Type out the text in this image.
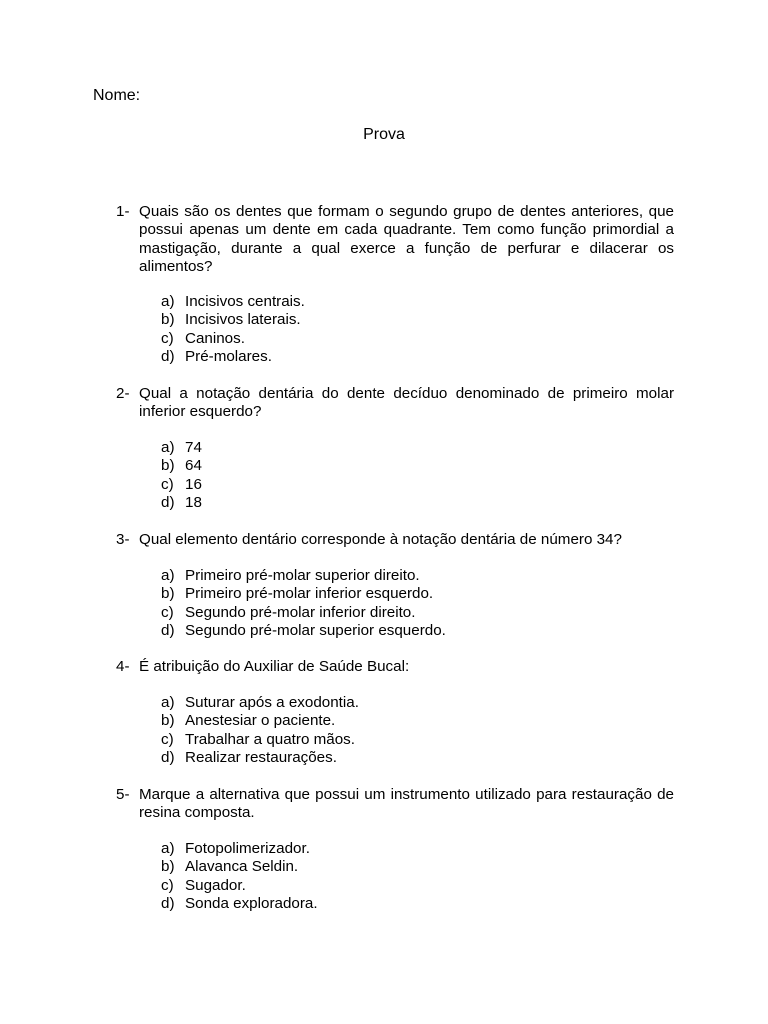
Nome:
Prova
1- Quais são os dentes que formam o segundo grupo de dentes anteriores, que possui apenas um dente em cada quadrante. Tem como função primordial a mastigação, durante a qual exerce a função de perfurar e dilacerar os alimentos?
a) Incisivos centrais.
b) Incisivos laterais.
c) Caninos.
d) Pré-molares.
2- Qual a notação dentária do dente decíduo denominado de primeiro molar inferior esquerdo?
a) 74
b) 64
c) 16
d) 18
3- Qual elemento dentário corresponde à notação dentária de número 34?
a) Primeiro pré-molar superior direito.
b) Primeiro pré-molar inferior esquerdo.
c) Segundo pré-molar inferior direito.
d) Segundo pré-molar superior esquerdo.
4- É atribuição do Auxiliar de Saúde Bucal:
a) Suturar após a exodontia.
b) Anestesiar o paciente.
c) Trabalhar a quatro mãos.
d) Realizar restaurações.
5- Marque a alternativa que possui um instrumento utilizado para restauração de resina composta.
a) Fotopolimerizador.
b) Alavanca Seldin.
c) Sugador.
d) Sonda exploradora.
